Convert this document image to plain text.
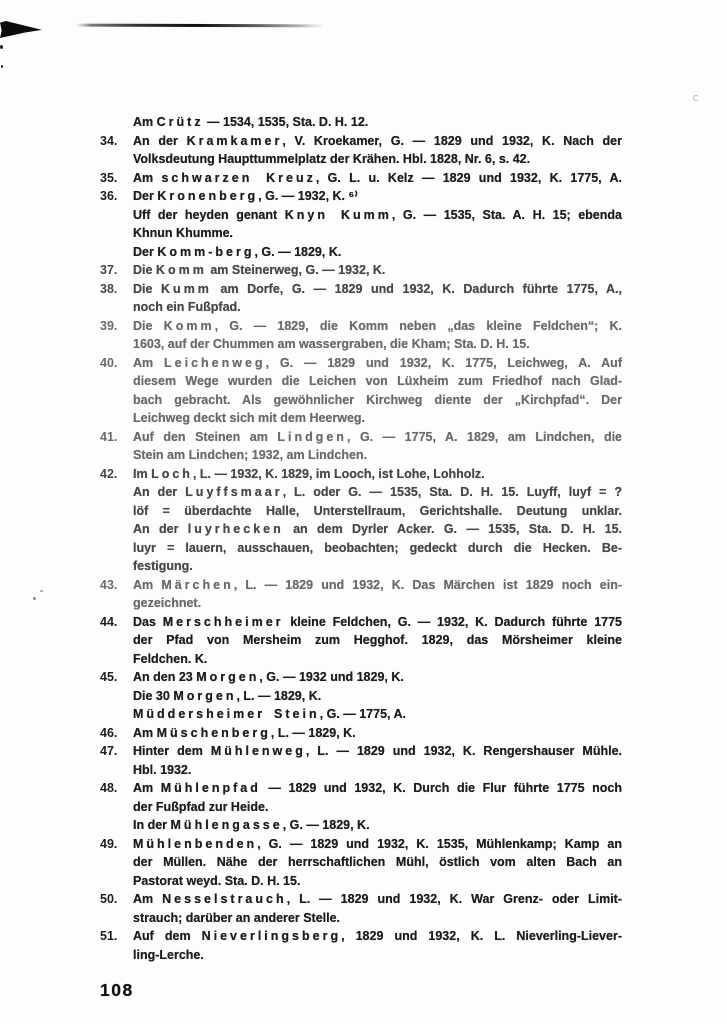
Am Crütz — 1534, 1535, Sta. D. H. 12.
34.	An der Kramkamer, V. Kroekamer, G. — 1829 und 1932, K. Nach der
Volksdeutung Haupttummelplatz der Krähen. Hbl. 1828, Nr. 6, s. 42.
35.	Am schwarzen Kreuz, G. L. u. Kelz — 1829 und 1932, K. 1775, A.
36.	Der Kronenberg, G. — 1932, K. ⁶⁾
Uff der heyden genant Knyn Kumm, G. — 1535, Sta. A. H. 15; ebenda
Khnun Khumme.
Der Komm-berg, G. — 1829, K.
37.	Die Komm am Steinerweg, G. — 1932, K.
38.	Die Kumm am Dorfe, G. — 1829 und 1932, K. Dadurch führte 1775, A.,
noch ein Fußpfad.
39.	Die Komm, G. — 1829, die Komm neben „das kleine Feldchen“; K.
1603, auf der Chummen am wassergraben, die Kham; Sta. D. H. 15.
40.	Am Leichenweg, G. — 1829 und 1932, K. 1775, Leichweg, A. Auf
diesem Wege wurden die Leichen von Lüxheim zum Friedhof nach Glad-
bach gebracht. Als gewöhnlicher Kirchweg diente der „Kirchpfad“. Der
Leichweg deckt sich mit dem Heerweg.
41.	Auf den Steinen am Lindgen, G. — 1775, A. 1829, am Lindchen, die
Stein am Lindchen; 1932, am Lindchen.
42.	Im Loch, L. — 1932, K. 1829, im Looch, ist Lohe, Lohholz.
An der Luyffsmaar, L. oder G. — 1535, Sta. D. H. 15. Luyff, luyf = ?
löf = überdachte Halle, Unterstellraum, Gerichtshalle. Deutung unklar.
An der luyrhecken an dem Dyrler Acker. G. — 1535, Sta. D. H. 15.
luyr = lauern, ausschauen, beobachten; gedeckt durch die Hecken. Be-
festigung.
43.	Am Märchen, L. — 1829 und 1932, K. Das Märchen ist 1829 noch ein-
gezeichnet.
44.	Das Merschheimer kleine Feldchen, G. — 1932, K. Dadurch führte 1775
der Pfad von Mersheim zum Hegghof. 1829, das Mörsheimer kleine
Feldchen. K.
45.	An den 23 Morgen, G. — 1932 und 1829, K.
Die 30 Morgen, L. — 1829, K.
Müddersheimer Stein, G. — 1775, A.
46.	Am Müschenberg, L. — 1829, K.
47.	Hinter dem Mühlenweg, L. — 1829 und 1932, K. Rengershauser Mühle.
Hbl. 1932.
48.	Am Mühlenpfad — 1829 und 1932, K. Durch die Flur führte 1775 noch
der Fußpfad zur Heide.
In der Mühlengasse, G. — 1829, K.
49.	Mühlenbenden, G. — 1829 und 1932, K. 1535, Mühlenkamp; Kamp an
der Müllen. Nähe der herrschaftlichen Mühl, östlich vom alten Bach an
Pastorat weyd. Sta. D. H. 15.
50.	Am Nesselstrauch, L. — 1829 und 1932, K. War Grenz- oder Limit-
strauch; darüber an anderer Stelle.
51.	Auf dem Nieverlingsberg, 1829 und 1932, K. L. Nieverling-Liever-
ling-Lerche.
108
